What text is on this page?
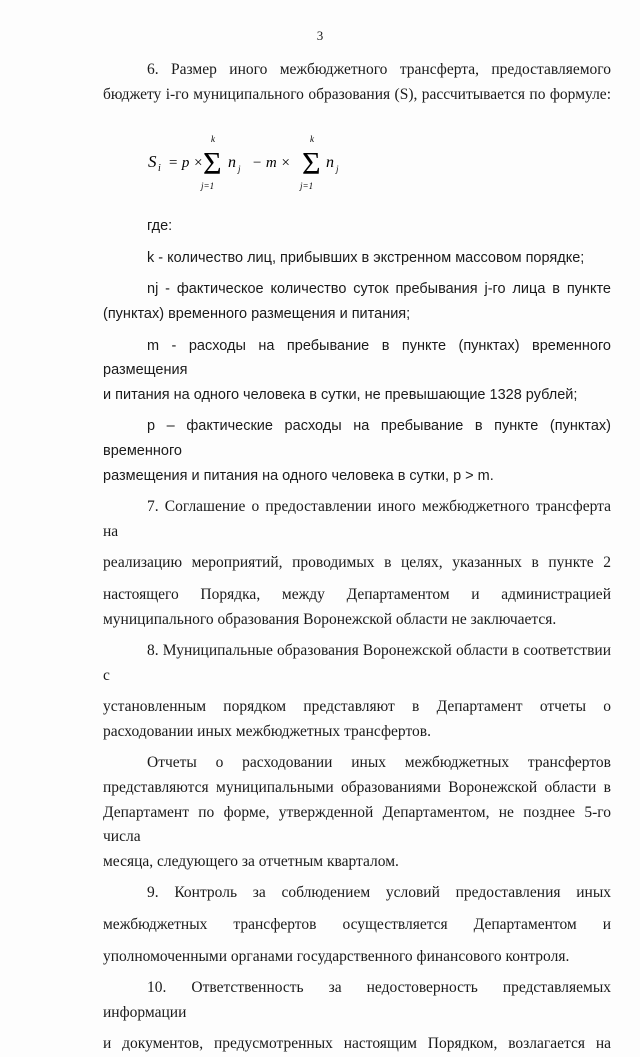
3

6. Размер иного межбюджетного трансферта, предоставляемого

бюджету i-го муниципального образования (S), рассчитывается по формуле:

где:

k - количество лиц, прибывших в экстренном массовом порядке;

nj - фактическое количество суток пребывания j-го лица в пункте

(пунктах) временного размещения и питания;

m - расходы на пребывание в пункте (пунктах) временного размещения

и питания на одного человека в сутки, не превышающие 1328 рублей;

p – фактические расходы на пребывание в пункте (пунктах) временного

размещения и питания на одного человека в сутки, p > m.

7. Соглашение о предоставлении иного межбюджетного трансферта на

реализацию мероприятий, проводимых в целях, указанных в пункте 2

настоящего Порядка, между Департаментом и администрацией

муниципального образования Воронежской области не заключается.

8. Муниципальные образования Воронежской области в соответствии с

установленным порядком представляют в Департамент отчеты о

расходовании иных межбюджетных трансфертов.

Отчеты о расходовании иных межбюджетных трансфертов

представляются муниципальными образованиями Воронежской области в

Департамент по форме, утвержденной Департаментом, не позднее 5-го числа

месяца, следующего за отчетным кварталом.

9. Контроль за соблюдением условий предоставления иных

межбюджетных трансфертов осуществляется Департаментом и

уполномоченными органами государственного финансового контроля.

10. Ответственность за недостоверность представляемых информации

и документов, предусмотренных настоящим Порядком, возлагается на

S i = p ×
k
Σ
j=1
n j − m ×
k
Σ
j=1
n j
